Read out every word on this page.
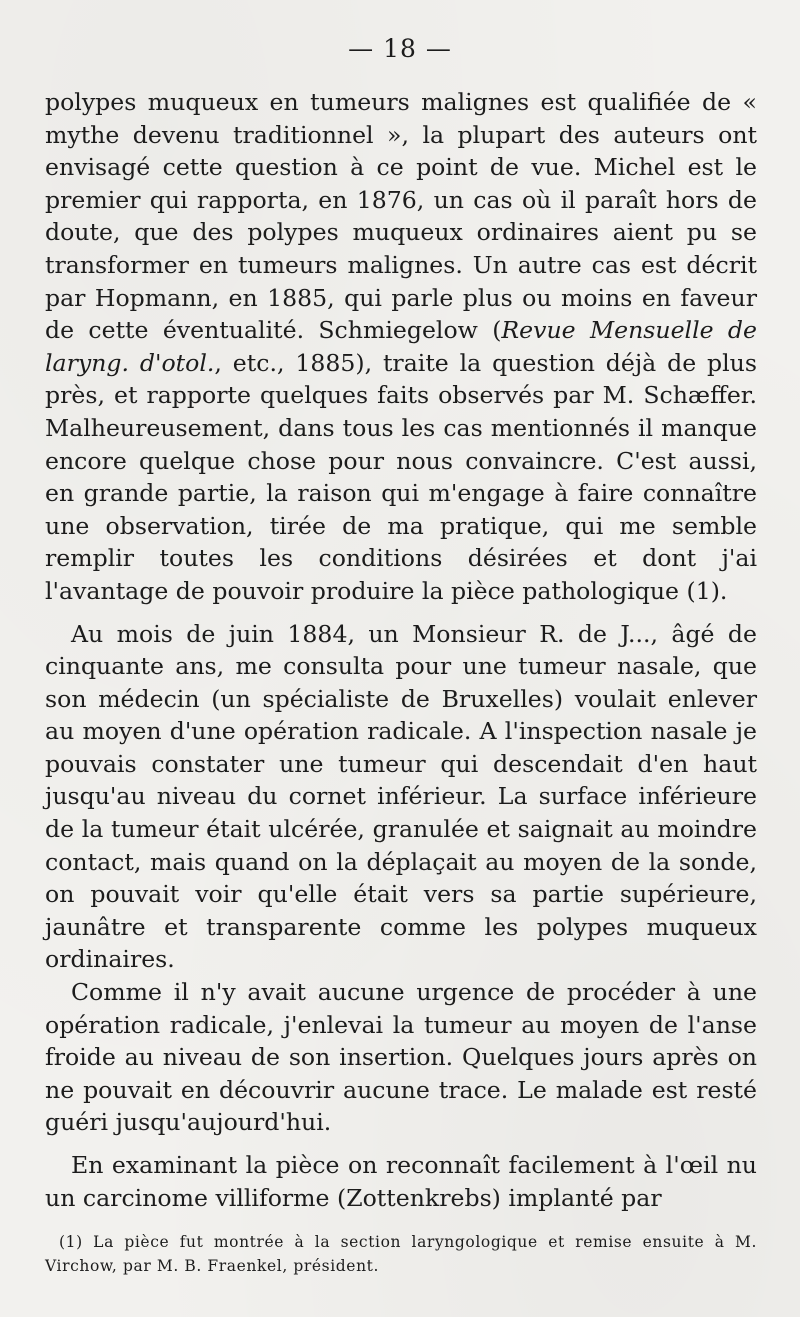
— 18 —

polypes muqueux en tumeurs malignes est qualifiée de « mythe devenu traditionnel », la plupart des auteurs ont envisagé cette question à ce point de vue. Michel est le premier qui rapporta, en 1876, un cas où il paraît hors de doute, que des polypes muqueux ordinaires aient pu se transformer en tumeurs malignes. Un autre cas est décrit par Hopmann, en 1885, qui parle plus ou moins en faveur de cette éventualité. Schmiegelow (Revue Mensuelle de laryng. d'otol., etc., 1885), traite la question déjà de plus près, et rapporte quelques faits observés par M. Schæffer. Malheureusement, dans tous les cas mentionnés il manque encore quelque chose pour nous convaincre. C'est aussi, en grande partie, la raison qui m'engage à faire connaître une observation, tirée de ma pratique, qui me semble remplir toutes les conditions désirées et dont j'ai l'avantage de pouvoir produire la pièce pathologique (1).

Au mois de juin 1884, un Monsieur R. de J..., âgé de cinquante ans, me consulta pour une tumeur nasale, que son médecin (un spécialiste de Bruxelles) voulait enlever au moyen d'une opération radicale. A l'inspection nasale je pouvais constater une tumeur qui descendait d'en haut jusqu'au niveau du cornet inférieur. La surface inférieure de la tumeur était ulcérée, granulée et saignait au moindre contact, mais quand on la déplaçait au moyen de la sonde, on pouvait voir qu'elle était vers sa partie supérieure, jaunâtre et transparente comme les polypes muqueux ordinaires.

Comme il n'y avait aucune urgence de procéder à une opération radicale, j'enlevai la tumeur au moyen de l'anse froide au niveau de son insertion. Quelques jours après on ne pouvait en découvrir aucune trace. Le malade est resté guéri jusqu'aujourd'hui.

En examinant la pièce on reconnaît facilement à l'œil nu un carcinome villiforme (Zottenkrebs) implanté par

(1) La pièce fut montrée à la section laryngologique et remise ensuite à M. Virchow, par M. B. Fraenkel, président.
